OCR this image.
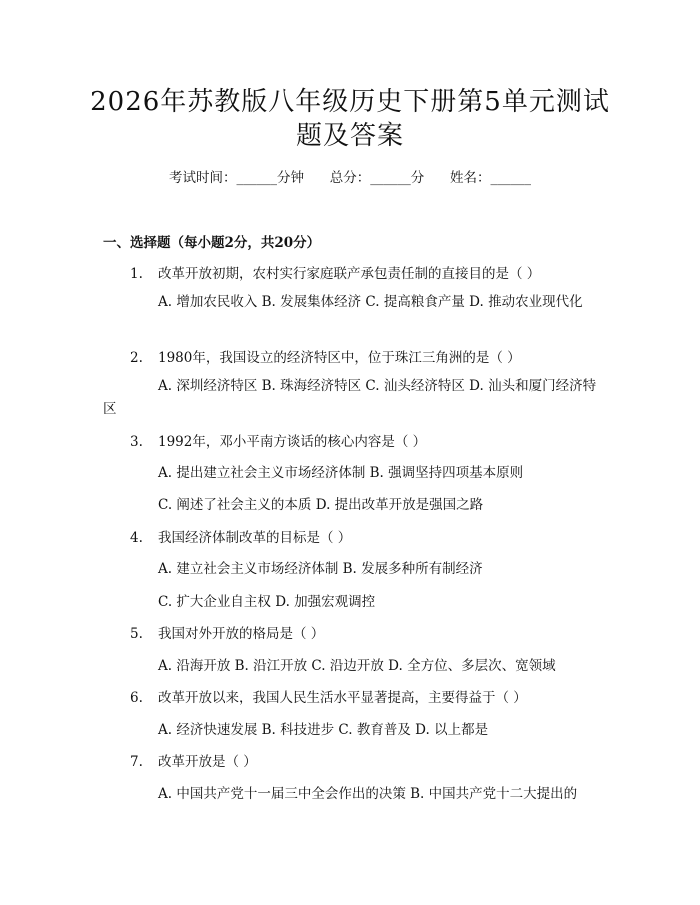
2026年苏教版八年级历史下册第5单元测试
题及答案
考试时间：______分钟      总分：______分      姓名：______
一、选择题（每小题2分，共20分）
1. 改革开放初期，农村实行家庭联产承包责任制的直接目的是（ ）
A. 增加农民收入 B. 发展集体经济 C. 提高粮食产量 D. 推动农业现代化
2. 1980年，我国设立的经济特区中，位于珠江三角洲的是（ ）
A. 深圳经济特区 B. 珠海经济特区 C. 汕头经济特区 D. 汕头和厦门经济特区
3. 1992年，邓小平南方谈话的核心内容是（ ）
A. 提出建立社会主义市场经济体制 B. 强调坚持四项基本原则
C. 阐述了社会主义的本质 D. 提出改革开放是强国之路
4. 我国经济体制改革的目标是（ ）
A. 建立社会主义市场经济体制 B. 发展多种所有制经济
C. 扩大企业自主权 D. 加强宏观调控
5. 我国对外开放的格局是（ ）
A. 沿海开放 B. 沿江开放 C. 沿边开放 D. 全方位、多层次、宽领域
6. 改革开放以来，我国人民生活水平显著提高，主要得益于（ ）
A. 经济快速发展 B. 科技进步 C. 教育普及 D. 以上都是
7. 改革开放是（ ）
A. 中国共产党十一届三中全会作出的决策 B. 中国共产党十二大提出的
